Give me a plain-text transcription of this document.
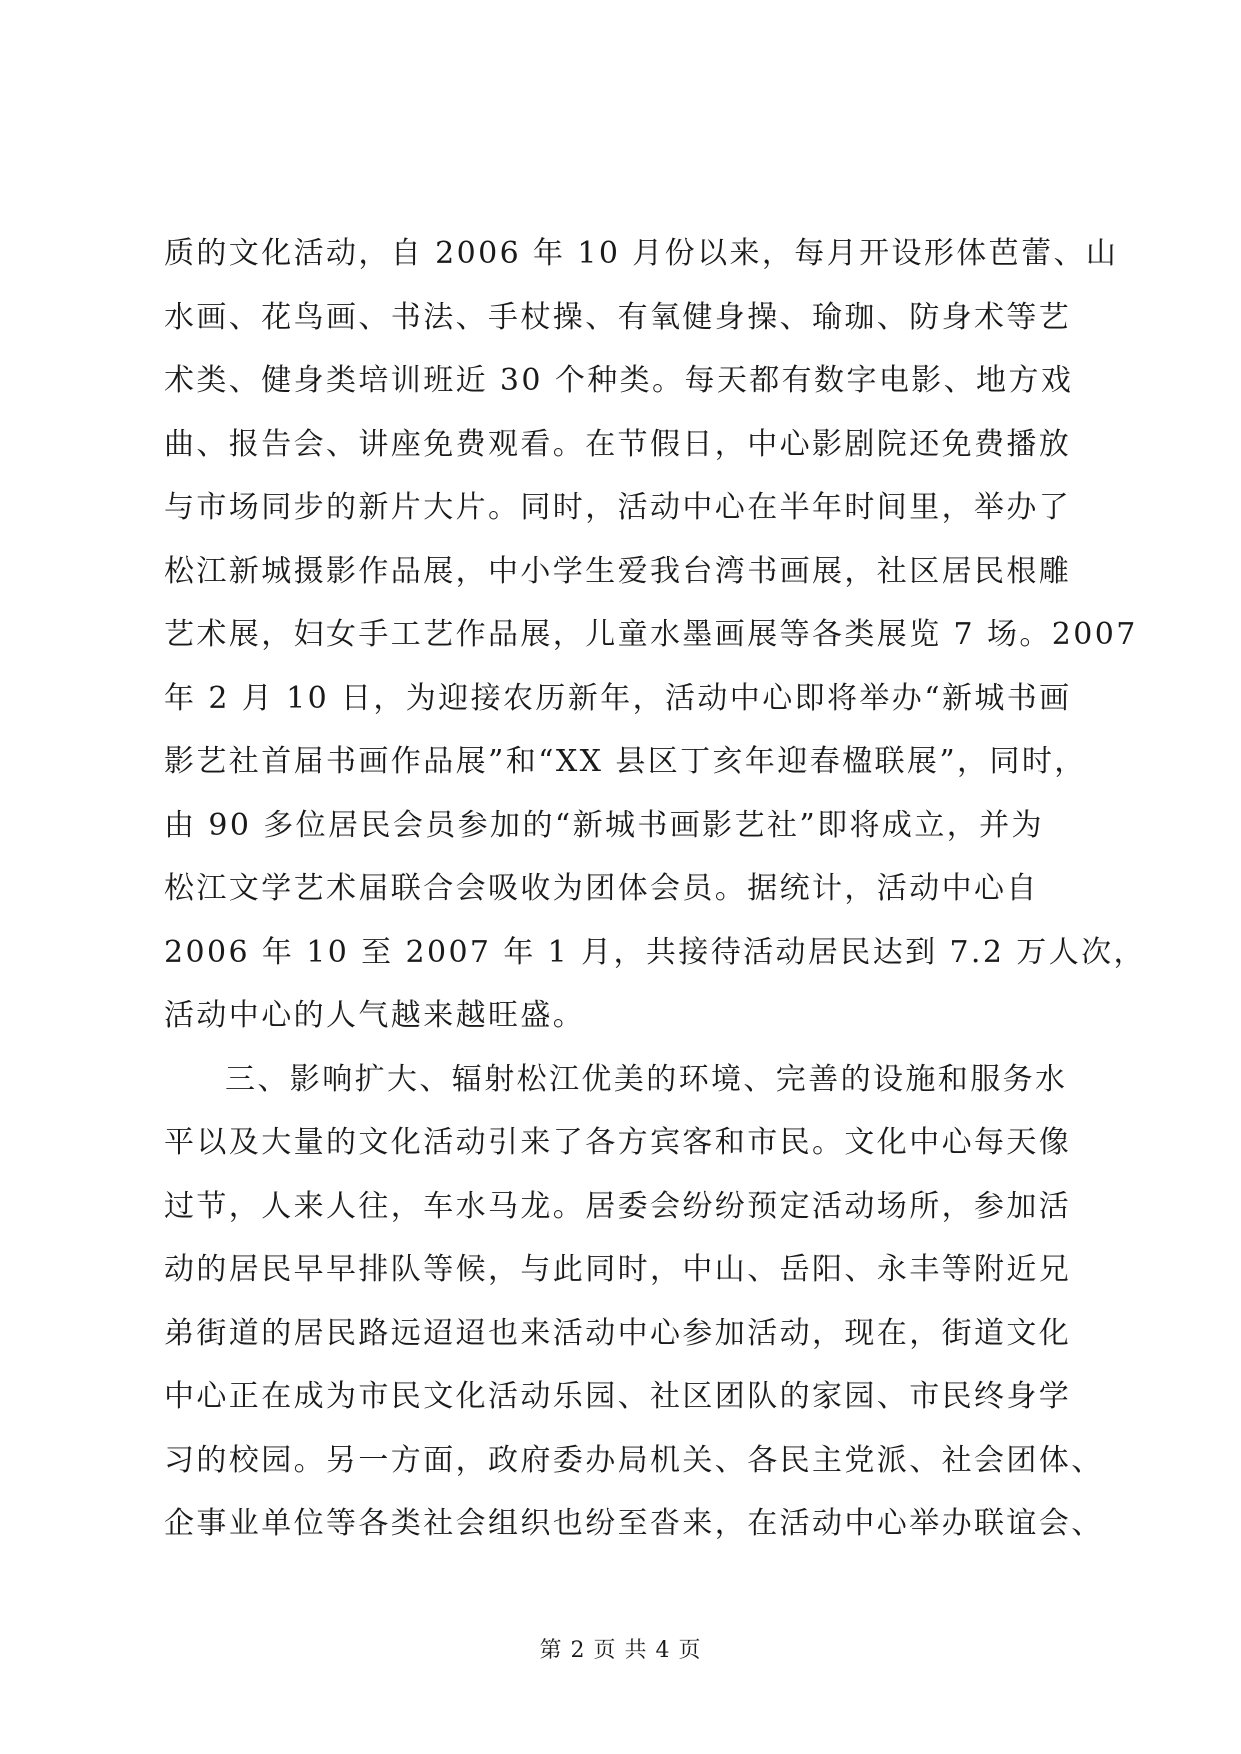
质的文化活动，自 2006 年 10 月份以来，每月开设形体芭蕾、山
水画、花鸟画、书法、手杖操、有氧健身操、瑜珈、防身术等艺
术类、健身类培训班近 30 个种类。每天都有数字电影、地方戏
曲、报告会、讲座免费观看。在节假日，中心影剧院还免费播放
与市场同步的新片大片。同时，活动中心在半年时间里，举办了
松江新城摄影作品展，中小学生爱我台湾书画展，社区居民根雕
艺术展，妇女手工艺作品展，儿童水墨画展等各类展览 7 场。2007
年 2 月 10 日，为迎接农历新年，活动中心即将举办“新城书画
影艺社首届书画作品展”和“XX 县区丁亥年迎春楹联展”，同时，
由 90 多位居民会员参加的“新城书画影艺社”即将成立，并为
松江文学艺术届联合会吸收为团体会员。据统计，活动中心自
2006 年 10 至 2007 年 1 月，共接待活动居民达到 7.2 万人次，
活动中心的人气越来越旺盛。
三、影响扩大、辐射松江优美的环境、完善的设施和服务水
平以及大量的文化活动引来了各方宾客和市民。文化中心每天像
过节，人来人往，车水马龙。居委会纷纷预定活动场所，参加活
动的居民早早排队等候，与此同时，中山、岳阳、永丰等附近兄
弟街道的居民路远迢迢也来活动中心参加活动，现在，街道文化
中心正在成为市民文化活动乐园、社区团队的家园、市民终身学
习的校园。另一方面，政府委办局机关、各民主党派、社会团体、
企事业单位等各类社会组织也纷至沓来，在活动中心举办联谊会、
第 2 页 共 4 页
